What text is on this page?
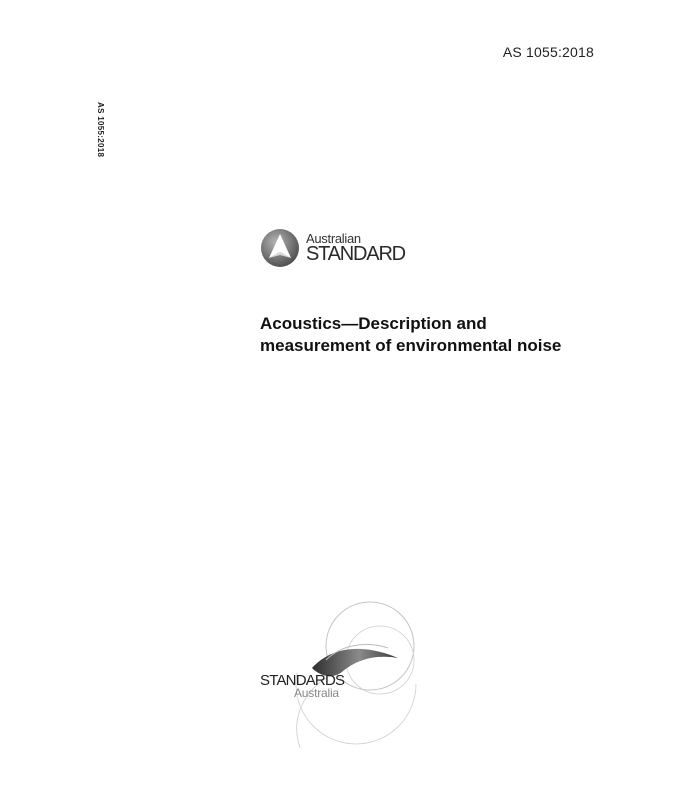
AS 1055:2018
AS 1055:2018
Australian
STANDARD
Acoustics—Description and
measurement of environmental noise
STANDARDS
Australia
